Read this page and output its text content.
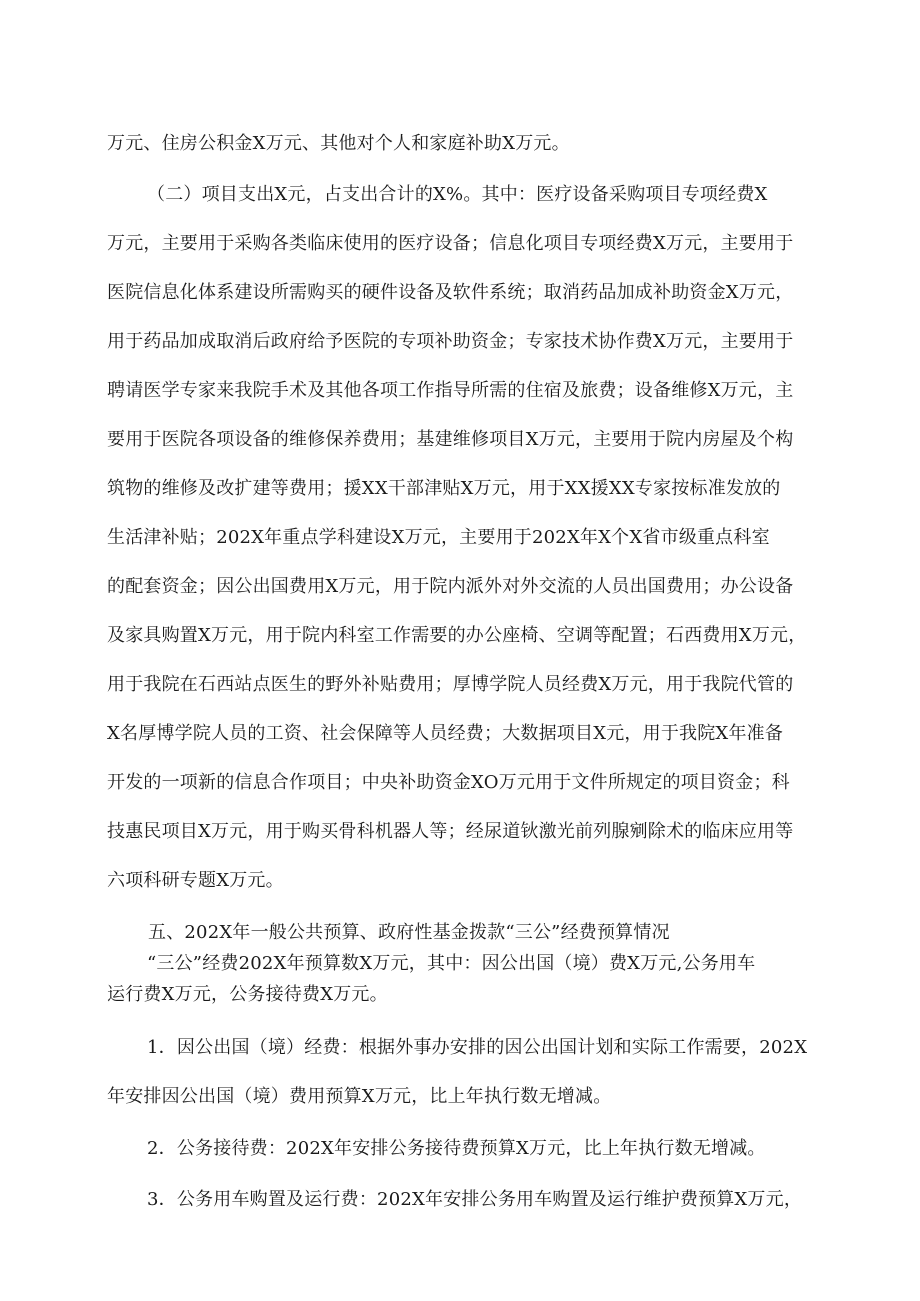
万元、住房公积金X万元、其他对个人和家庭补助X万元。
（二）项目支出X元，占支出合计的X%。其中：医疗设备采购项目专项经费X
万元，主要用于采购各类临床使用的医疗设备；信息化项目专项经费X万元，主要用于
医院信息化体系建设所需购买的硬件设备及软件系统；取消药品加成补助资金X万元，
用于药品加成取消后政府给予医院的专项补助资金；专家技术协作费X万元，主要用于
聘请医学专家来我院手术及其他各项工作指导所需的住宿及旅费；设备维修X万元，主
要用于医院各项设备的维修保养费用；基建维修项目X万元，主要用于院内房屋及个构
筑物的维修及改扩建等费用；援XX干部津贴X万元，用于XX援XX专家按标准发放的
生活津补贴；202X年重点学科建设X万元，主要用于202X年X个X省市级重点科室
的配套资金；因公出国费用X万元，用于院内派外对外交流的人员出国费用；办公设备
及家具购置X万元，用于院内科室工作需要的办公座椅、空调等配置；石西费用X万元，
用于我院在石西站点医生的野外补贴费用；厚博学院人员经费X万元，用于我院代管的
X名厚博学院人员的工资、社会保障等人员经费；大数据项目X元，用于我院X年准备
开发的一项新的信息合作项目；中央补助资金XO万元用于文件所规定的项目资金；科
技惠民项目X万元，用于购买骨科机器人等；经尿道钬激光前列腺剜除术的临床应用等
六项科研专题X万元。
五、202X年一般公共预算、政府性基金拨款“三公”经费预算情况
“三公”经费202X年预算数X万元，其中：因公出国（境）费X万元,公务用车
运行费X万元，公务接待费X万元。
1．因公出国（境）经费：根据外事办安排的因公出国计划和实际工作需要，202X
年安排因公出国（境）费用预算X万元，比上年执行数无增减。
2．公务接待费：202X年安排公务接待费预算X万元，比上年执行数无增减。
3．公务用车购置及运行费：202X年安排公务用车购置及运行维护费预算X万元，
